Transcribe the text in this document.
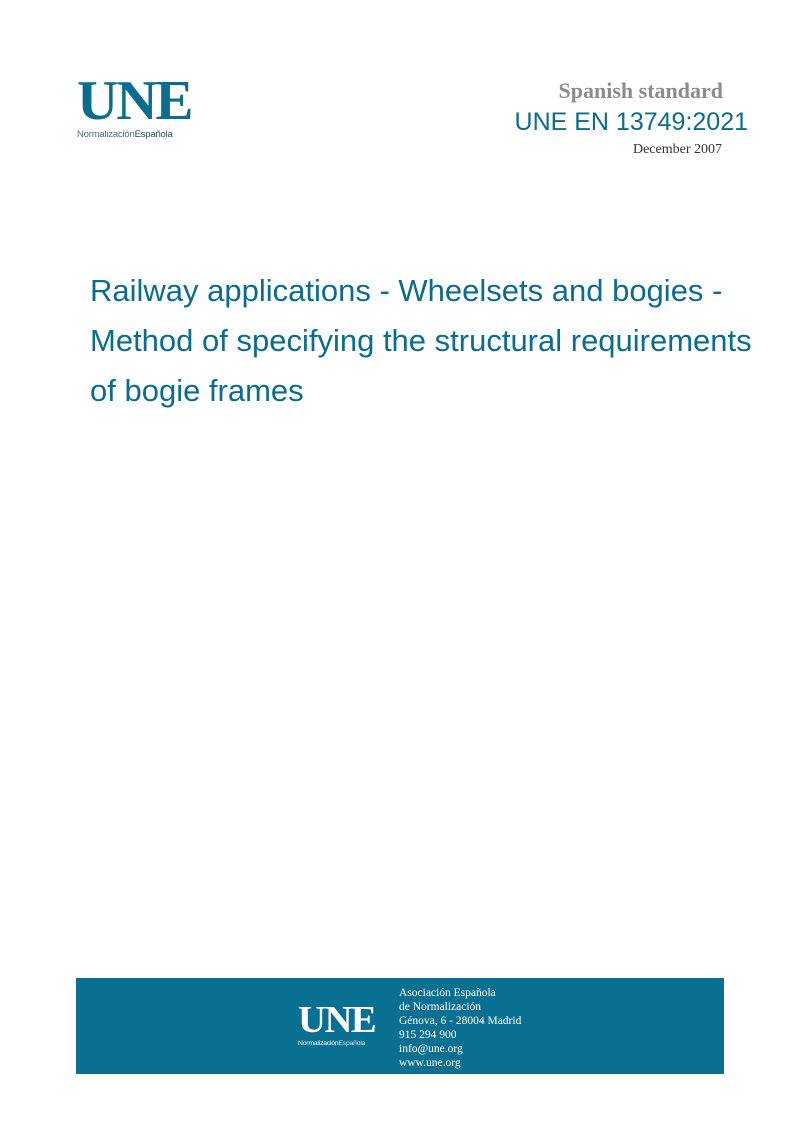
UNE
NormalizaciónEspañola
Spanish standard
UNE EN 13749:2021
December 2007
Railway applications - Wheelsets and bogies - Method of specifying the structural requirements of bogie frames
UNE
NormalizaciónEspañola
Asociación Española
de Normalización
Génova, 6 - 28004 Madrid
915 294 900
info@une.org
www.une.org
